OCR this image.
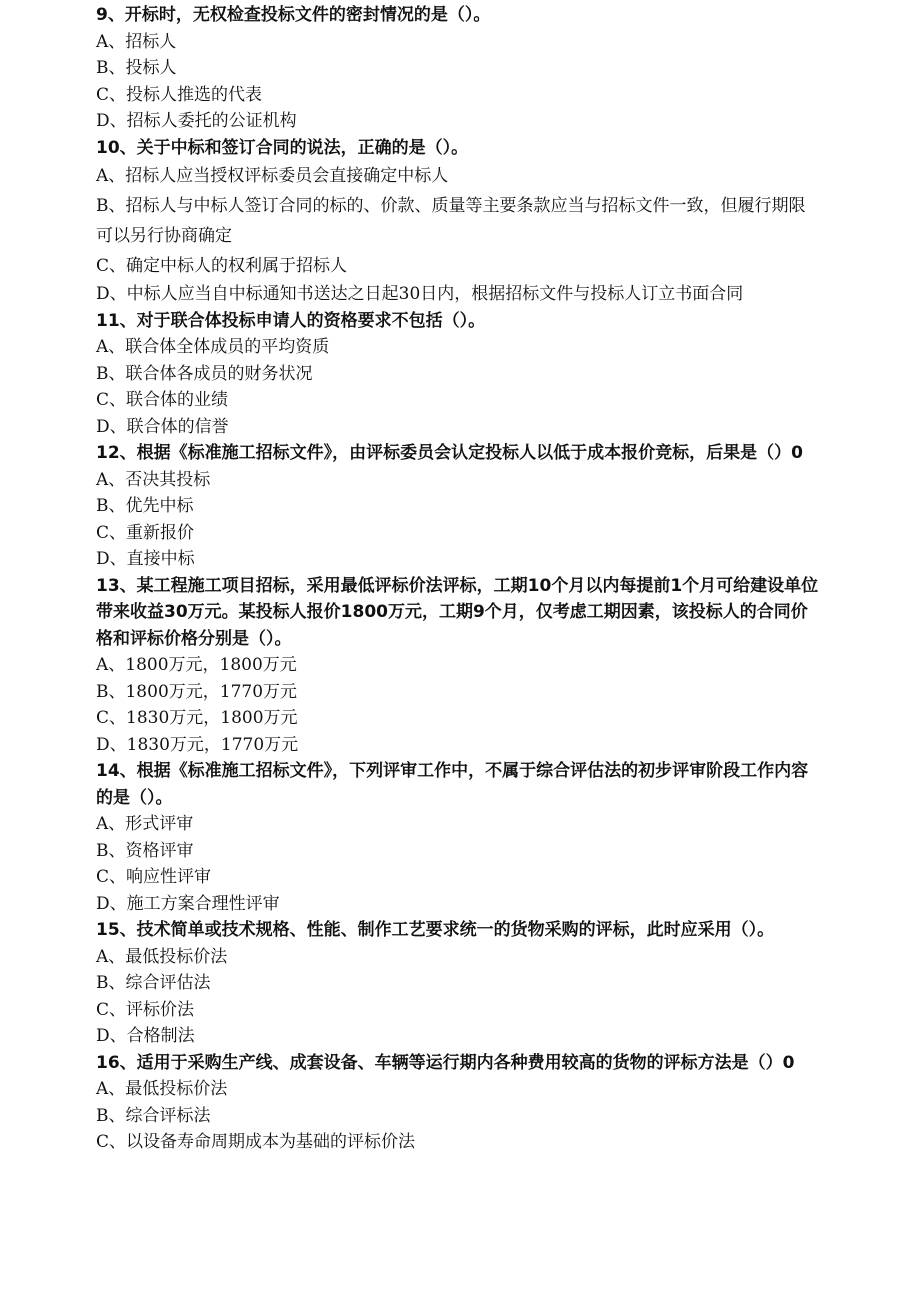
9、开标时，无权检查投标文件的密封情况的是（）。
A、招标人
B、投标人
C、投标人推选的代表
D、招标人委托的公证机构
10、关于中标和签订合同的说法，正确的是（）。
A、招标人应当授权评标委员会直接确定中标人
B、招标人与中标人签订合同的标的、价款、质量等主要条款应当与招标文件一致，但履行期限可以另行协商确定
C、确定中标人的权利属于招标人
D、中标人应当自中标通知书送达之日起30日内，根据招标文件与投标人订立书面合同
11、对于联合体投标申请人的资格要求不包括（）。
A、联合体全体成员的平均资质
B、联合体各成员的财务状况
C、联合体的业绩
D、联合体的信誉
12、根据《标准施工招标文件》，由评标委员会认定投标人以低于成本报价竞标，后果是（）0
A、否决其投标
B、优先中标
C、重新报价
D、直接中标
13、某工程施工项目招标，采用最低评标价法评标，工期10个月以内每提前1个月可给建设单位带来收益30万元。某投标人报价1800万元，工期9个月，仅考虑工期因素，该投标人的合同价格和评标价格分别是（）。
A、1800万元，1800万元
B、1800万元，1770万元
C、1830万元，1800万元
D、1830万元，1770万元
14、根据《标准施工招标文件》，下列评审工作中，不属于综合评估法的初步评审阶段工作内容的是（）。
A、形式评审
B、资格评审
C、响应性评审
D、施工方案合理性评审
15、技术简单或技术规格、性能、制作工艺要求统一的货物采购的评标，此时应采用（）。
A、最低投标价法
B、综合评估法
C、评标价法
D、合格制法
16、适用于采购生产线、成套设备、车辆等运行期内各种费用较高的货物的评标方法是（）0
A、最低投标价法
B、综合评标法
C、以设备寿命周期成本为基础的评标价法
